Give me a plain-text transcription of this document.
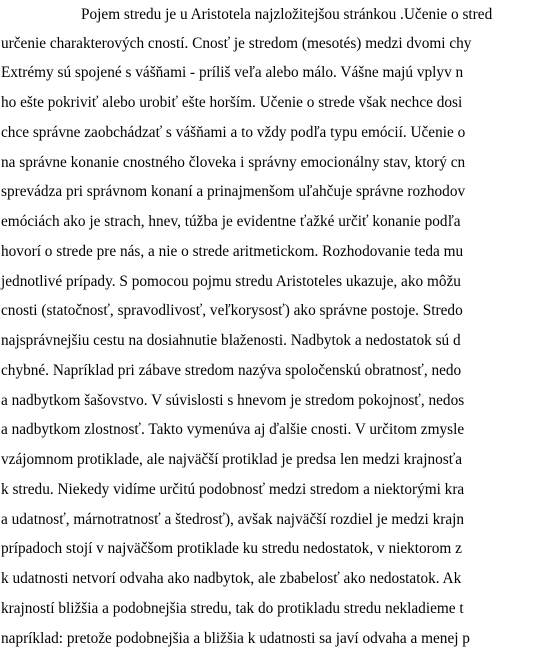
Pojem stredu je u Aristotela najzložitejšou stránkou .Učenie o stred
určenie charakterových cností. Cnosť je stredom (mesotés) medzi dvomi chy
Extrémy sú spojené s vášňami - príliš veľa alebo málo. Vášne majú vplyv n
ho ešte pokriviť alebo urobiť ešte horším. Učenie o strede však nechce dosi
chce správne zaobchádzať s vášňami a to vždy podľa typu emócií. Učenie o
na správne konanie cnostného človeka i správny emocionálny stav, ktorý cn
sprevádza pri správnom konaní a prinajmenšom uľahčuje správne rozhodov
emóciách ako je strach, hnev, túžba je evidentne ťažké určiť konanie podľa
hovorí o strede pre nás, a nie o strede aritmetickom. Rozhodovanie teda mu
jednotlivé prípady. S pomocou pojmu stredu Aristoteles ukazuje, ako môžu
cnosti (statočnosť, spravodlivosť, veľkorysosť) ako správne postoje. Stredo
najsprávnejšiu cestu na dosiahnutie blaženosti. Nadbytok a nedostatok sú d
chybné. Napríklad pri zábave stredom nazýva spoločenskú obratnosť, nedo
a nadbytkom šašovstvo. V súvislosti s hnevom je stredom pokojnosť, nedos
a nadbytkom zlostnosť. Takto vymenúva aj ďalšie cnosti. V určitom zmysle
vzájomnom protiklade, ale najväčší protiklad je predsa len medzi krajnosťa
k stredu. Niekedy vidíme určitú podobnosť medzi stredom a niektorými kra
a udatnosť, márnotratnosť a štedrosť), avšak najväčší rozdiel je medzi krajn
prípadoch stojí v najväčšom protiklade ku stredu nedostatok, v niektorom z
k udatnosti netvorí odvaha ako nadbytok, ale zbabelosť ako nedostatok. Ak
krajností bližšia a podobnejšia stredu, tak do protikladu stredu nekladieme t
napríklad: pretože podobnejšia a bližšia k udatnosti sa javí odvaha a menej p
